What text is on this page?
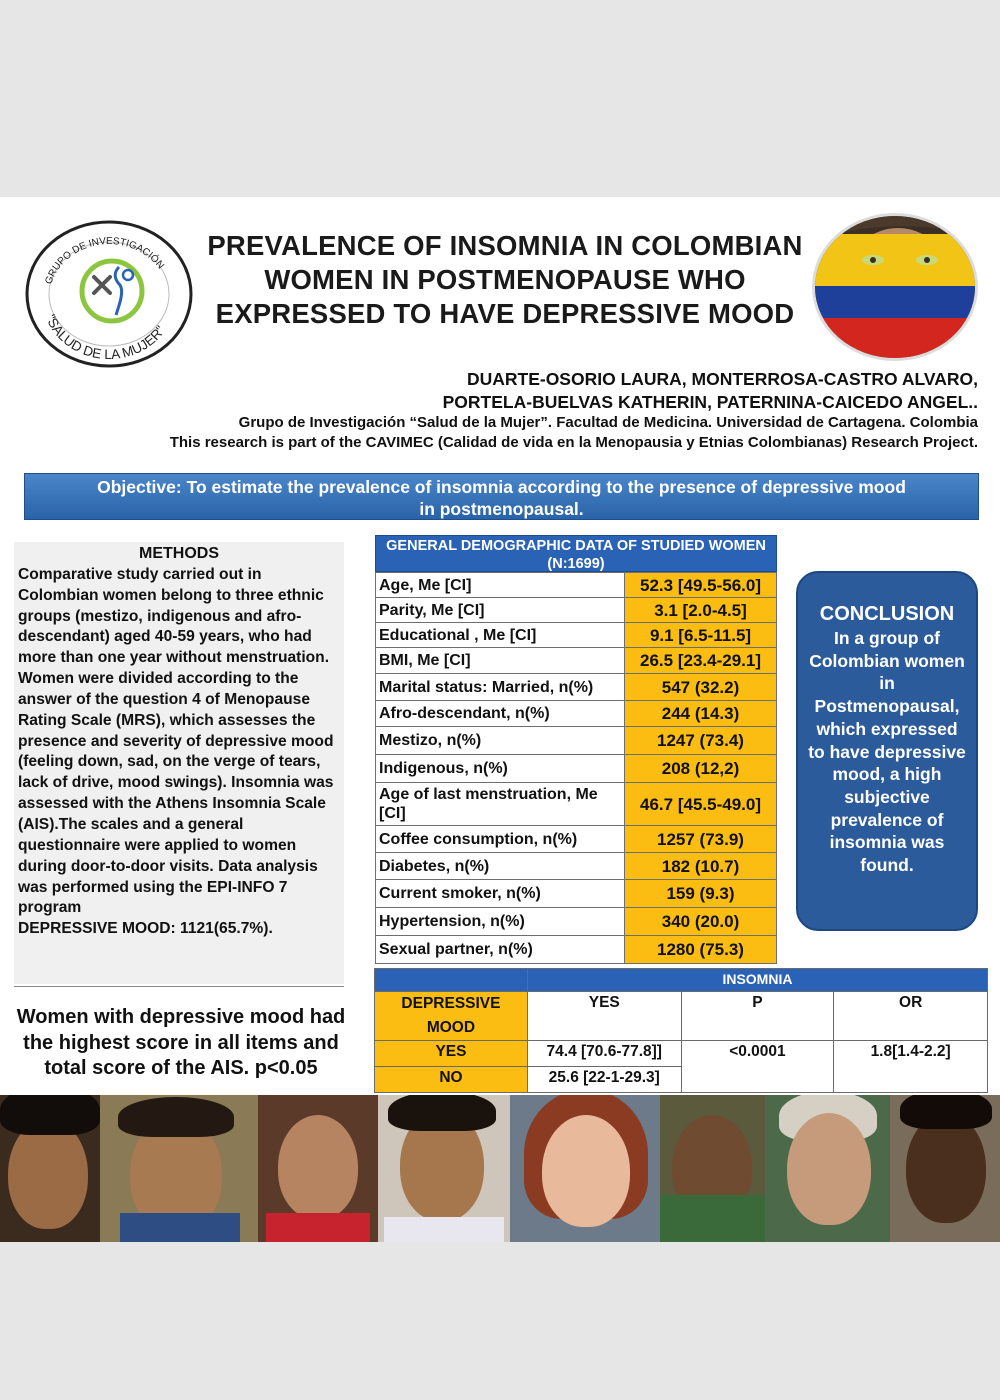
GRUPO DE INVESTIGACIÓN
"SALUD DE LA MUJER"
PREVALENCE OF INSOMNIA IN COLOMBIAN WOMEN IN POSTMENOPAUSE WHO EXPRESSED TO HAVE DEPRESSIVE MOOD
DUARTE-OSORIO LAURA, MONTERROSA-CASTRO ALVARO,
PORTELA-BUELVAS KATHERIN, PATERNINA-CAICEDO ANGEL..
Grupo de Investigación “Salud de la Mujer”. Facultad de Medicina. Universidad de Cartagena. Colombia
This research is part of the CAVIMEC (Calidad de vida en la Menopausia y Etnias Colombianas) Research Project.
Objective: To estimate the prevalence of insomnia according to the presence of depressive mood
in postmenopausal.
METHODS
Comparative study carried out in Colombian women belong to three ethnic groups (mestizo, indigenous and afro-descendant) aged 40-59 years, who had more than one year without menstruation. Women were divided according to the answer of the question 4 of Menopause Rating Scale (MRS), which assesses the presence and severity of depressive mood (feeling down, sad, on the verge of tears, lack of drive, mood swings). Insomnia was assessed with the Athens Insomnia Scale (AIS).The scales and a general questionnaire were applied to women during door-to-door visits. Data analysis was performed using the EPI-INFO 7 program
DEPRESSIVE MOOD: 1121(65.7%).
Women with depressive mood had the highest score in all items and total score of the AIS. p<0.05
GENERAL DEMOGRAPHIC DATA OF STUDIED WOMEN (N:1699)
Age, Me [CI]	52.3 [49.5-56.0]
Parity, Me [CI]	3.1 [2.0-4.5]
Educational , Me [CI]	9.1 [6.5-11.5]
BMI, Me [CI]	26.5 [23.4-29.1]
Marital status: Married, n(%)	547 (32.2)
Afro-descendant, n(%)	244 (14.3)
Mestizo, n(%)	1247 (73.4)
Indigenous, n(%)	208 (12,2)
Age of last menstruation, Me [CI]	46.7 [45.5-49.0]
Coffee consumption, n(%)	1257 (73.9)
Diabetes, n(%)	182 (10.7)
Current smoker, n(%)	159 (9.3)
Hypertension, n(%)	340 (20.0)
Sexual partner, n(%)	1280 (75.3)
CONCLUSION
In a group of Colombian women in Postmenopausal, which expressed to have depressive mood, a high subjective prevalence of insomnia was found.
	INSOMNIA		
DEPRESSIVE MOOD	YES	P	OR
YES	74.4 [70.6-77.8]]	<0.0001	1.8[1.4-2.2]
NO	25.6 [22-1-29.3]		
